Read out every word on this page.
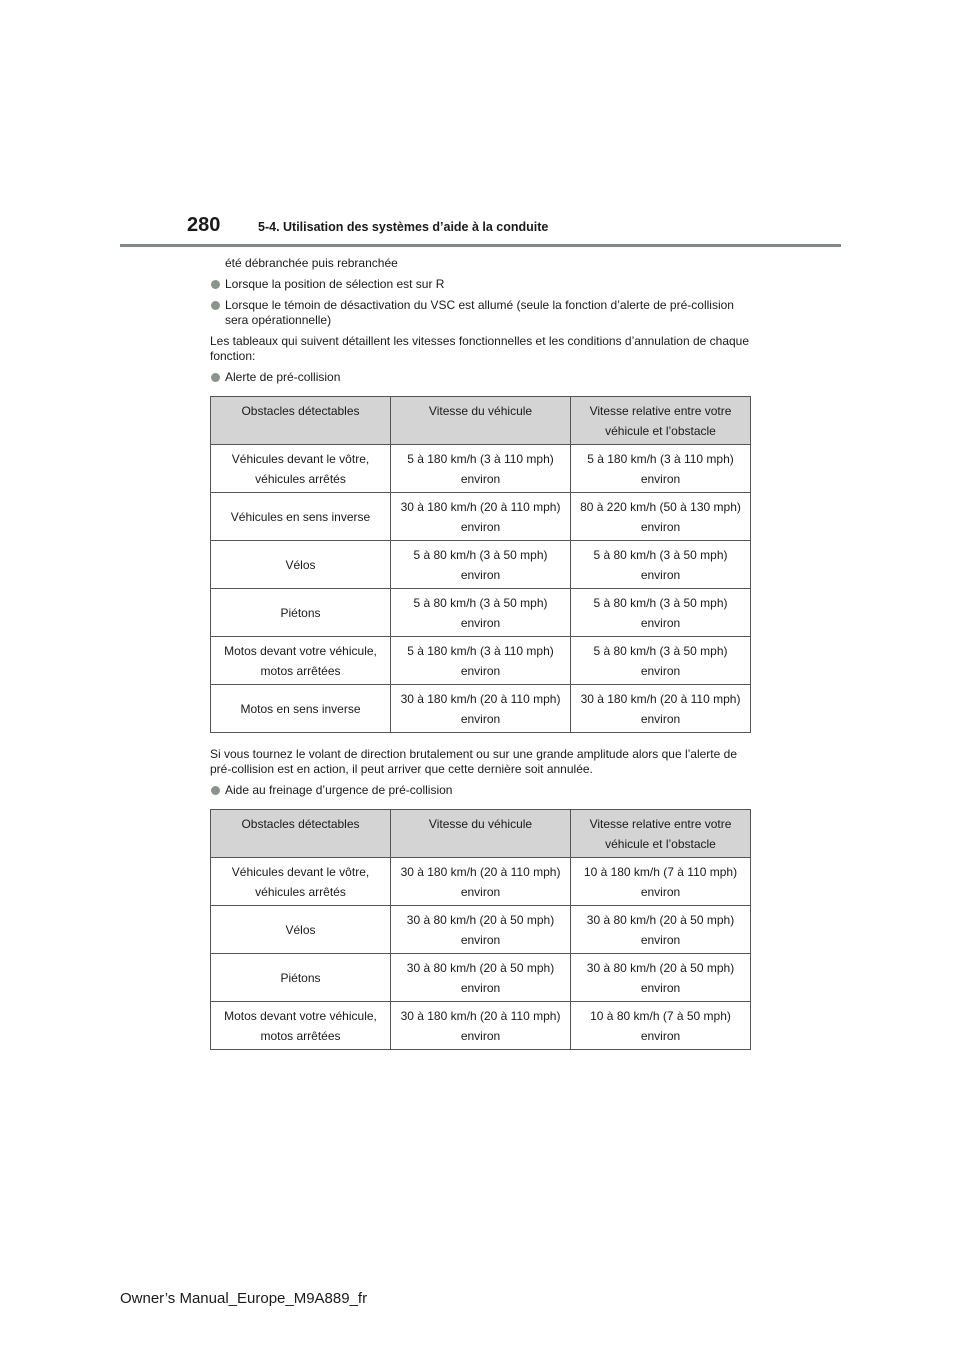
280	5-4. Utilisation des systèmes d’aide à la conduite

été débranchée puis rebranchée

Lorsque la position de sélection est sur R
Lorsque le témoin de désactivation du VSC est allumé (seule la fonction d’alerte de pré-collision sera opérationnelle)

Les tableaux qui suivent détaillent les vitesses fonctionnelles et les conditions d’annulation de chaque fonction:

Alerte de pré-collision
Obstacles détectables	Vitesse du véhicule	Vitesse relative entre votre véhicule et l’obstacle
Véhicules devant le vôtre, véhicules arrêtés	5 à 180 km/h (3 à 110 mph) environ	5 à 180 km/h (3 à 110 mph) environ
Véhicules en sens inverse	30 à 180 km/h (20 à 110 mph) environ	80 à 220 km/h (50 à 130 mph) environ
Vélos	5 à 80 km/h (3 à 50 mph) environ	5 à 80 km/h (3 à 50 mph) environ
Piétons	5 à 80 km/h (3 à 50 mph) environ	5 à 80 km/h (3 à 50 mph) environ
Motos devant votre véhicule, motos arrêtées	5 à 180 km/h (3 à 110 mph) environ	5 à 80 km/h (3 à 50 mph) environ
Motos en sens inverse	30 à 180 km/h (20 à 110 mph) environ	30 à 180 km/h (20 à 110 mph) environ

Si vous tournez le volant de direction brutalement ou sur une grande amplitude alors que l’alerte de pré-collision est en action, il peut arriver que cette dernière soit annulée.

Aide au freinage d’urgence de pré-collision
Obstacles détectables	Vitesse du véhicule	Vitesse relative entre votre véhicule et l’obstacle
Véhicules devant le vôtre, véhicules arrêtés	30 à 180 km/h (20 à 110 mph) environ	10 à 180 km/h (7 à 110 mph) environ
Vélos	30 à 80 km/h (20 à 50 mph) environ	30 à 80 km/h (20 à 50 mph) environ
Piétons	30 à 80 km/h (20 à 50 mph) environ	30 à 80 km/h (20 à 50 mph) environ
Motos devant votre véhicule, motos arrêtées	30 à 180 km/h (20 à 110 mph) environ	10 à 80 km/h (7 à 50 mph) environ
Owner’s Manual_Europe_M9A889_fr
